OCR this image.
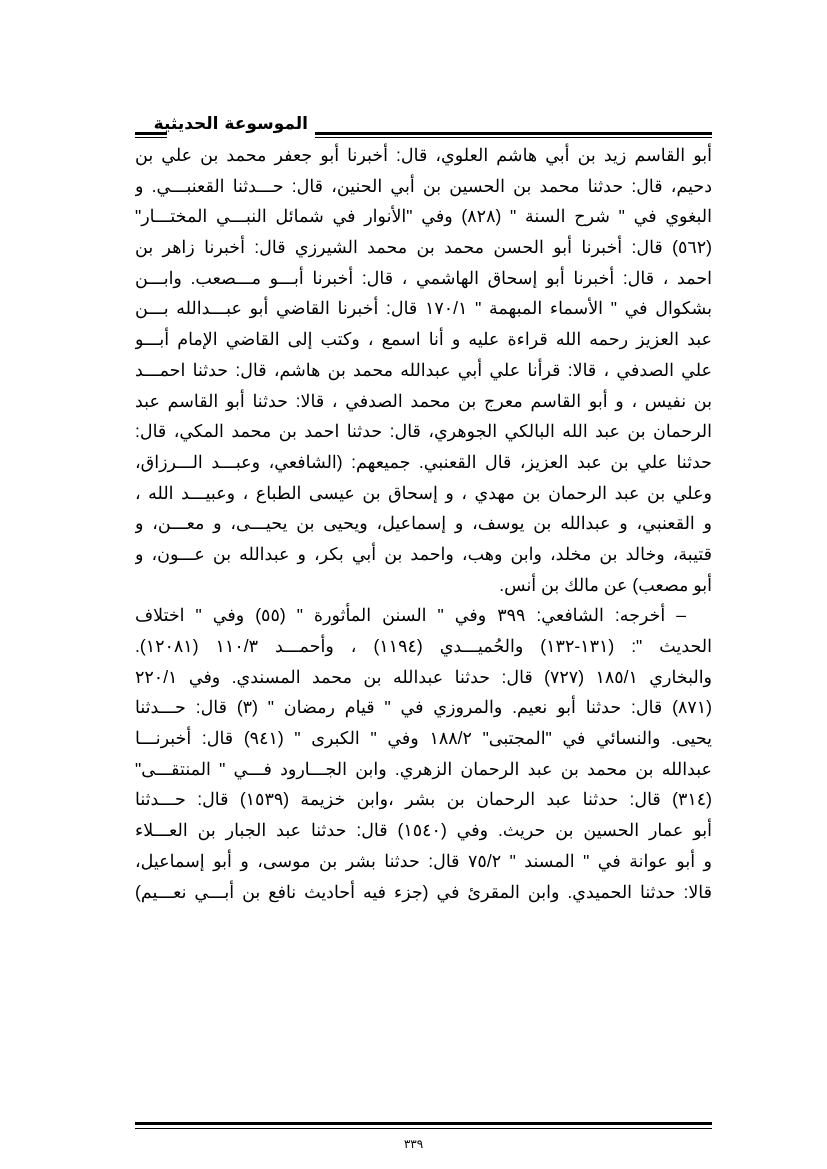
الموسوعة الحديثية
أبو القاسم زيد بن أبي هاشم العلوي، قال: أخبرنا أبو جعفر محمد بن علي بن
دحيم، قال: حدثنا محمد بن الحسين بن أبي الحنين، قال: حـــدثنا القعنبـــي. و
البغوي في " شرح السنة " (٨٢٨) وفي "الأنوار في شمائل النبـــي المختـــار"
(٥٦٢) قال: أخبرنا أبو الحسن محمد بن محمد الشيرزي قال: أخبرنا زاهر بن
احمد ، قال: أخبرنا أبو إسحاق الهاشمي ، قال: أخبرنا أبـــو مـــصعب. وابـــن
بشكوال في " الأسماء المبهمة " ١٧٠/١ قال: أخبرنا القاضي أبو عبـــدالله بـــن
عبد العزيز رحمه الله قراءة عليه و أنا اسمع ، وكتب إلى القاضي الإمام أبـــو
علي الصدفي ، قالا: قرأنا علي أبي عبدالله محمد بن هاشم، قال: حدثنا احمـــد
بن نفيس ، و أبو القاسم معرج بن محمد الصدفي ، قالا: حدثنا أبو القاسم عبد
الرحمان بن عبد الله البالكي الجوهري، قال: حدثنا احمد بن محمد المكي، قال:
حدثنا علي بن عبد العزيز، قال القعنبي. جميعهم: (الشافعي، وعبـــد الـــرزاق،
وعلي بن عبد الرحمان بن مهدي ، و إسحاق بن عيسى الطباع ، وعبيـــد الله ،
و القعنبي، و عبدالله بن يوسف، و إسماعيل، ويحيى بن يحيـــى، و معـــن، و
قتيبة، وخالد بن مخلد، وابن وهب، واحمد بن أبي بكر، و عبدالله بن عـــون، و
أبو مصعب) عن مالك بن أنس.
– أخرجه: الشافعي: ٣٩٩ وفي " السنن المأثورة " (٥٥) وفي " اختلاف
الحديث ": (١٣١-١٣٢) والحُميـــدي (١١٩٤) ، وأحمـــد ١١٠/٣ (١٢٠٨١).
والبخاري ١٨٥/١ (٧٢٧) قال: حدثنا عبدالله بن محمد المسندي. وفي ٢٢٠/١
(٨٧١) قال: حدثنا أبو نعيم. والمروزي في " قيام رمضان " (٣) قال: حـــدثنا
يحيى. والنسائي في "المجتبى" ١٨٨/٢ وفي " الكبرى " (٩٤١) قال: أخبرنـــا
عبدالله بن محمد بن عبد الرحمان الزهري. وابن الجـــارود فـــي " المنتقـــى"
(٣١٤) قال: حدثنا عبد الرحمان بن بشر ،وابن خزيمة (١٥٣٩) قال: حـــدثنا
أبو عمار الحسين بن حريث. وفي (١٥٤٠) قال: حدثنا عبد الجبار بن العـــلاء
و أبو عوانة في " المسند " ٧٥/٢ قال: حدثنا بشر بن موسى، و أبو إسماعيل،
قالا: حدثنا الحميدي. وابن المقرئ في (جزء فيه أحاديث نافع بن أبـــي نعـــيم)
٣٣٩
